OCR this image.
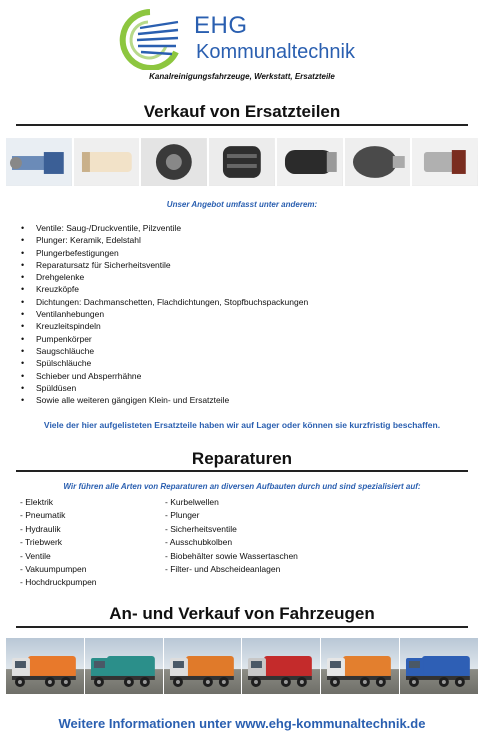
EHG
Kommunaltechnik
Kanalreinigungsfahrzeuge, Werkstatt, Ersatzteile
Verkauf von Ersatzteilen
Unser Angebot umfasst unter anderem:
• Ventile: Saug-/Druckventile, Pilzventile
• Plunger: Keramik, Edelstahl
• Plungerbefestigungen
• Reparatursatz für Sicherheitsventile
• Drehgelenke
• Kreuzköpfe
• Dichtungen: Dachmanschetten, Flachdichtungen, Stopfbuchspackungen
• Ventilanhebungen
• Kreuzleitspindeln
• Pumpenkörper
• Saugschläuche
• Spülschläuche
• Schieber und Absperrhähne
• Spüldüsen
• Sowie alle weiteren gängigen Klein- und Ersatzteile
Viele der hier aufgelisteten Ersatzteile haben wir auf Lager oder können sie kurzfristig beschaffen.
Reparaturen
Wir führen alle Arten von Reparaturen an diversen Aufbauten durch und sind spezialisiert auf:
- Elektrik
- Pneumatik
- Hydraulik
- Triebwerk
- Ventile
- Vakuumpumpen
- Hochdruckpumpen
- Kurbelwellen
- Plunger
- Sicherheitsventile
- Ausschubkolben
- Biobehälter sowie Wassertaschen
- Filter- und Abscheideanlagen
An- und Verkauf von Fahrzeugen
Weitere Informationen unter www.ehg-kommunaltechnik.de
